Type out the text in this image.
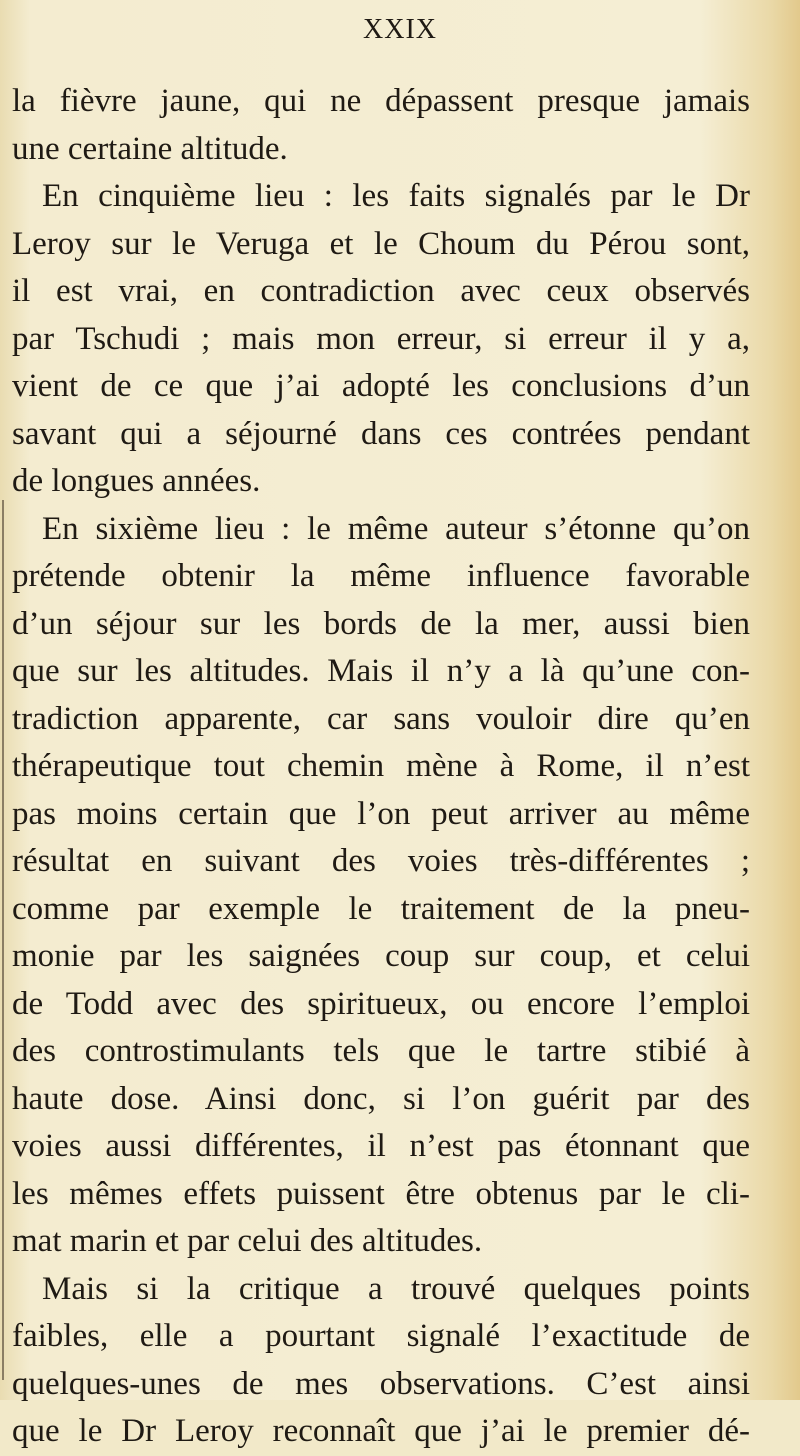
XXIX
la fièvre jaune, qui ne dépassent presque jamais
une certaine altitude.
En cinquième lieu : les faits signalés par le Dr
Leroy sur le Veruga et le Choum du Pérou sont,
il est vrai, en contradiction avec ceux observés
par Tschudi ; mais mon erreur, si erreur il y a,
vient de ce que j’ai adopté les conclusions d’un
savant qui a séjourné dans ces contrées pendant
de longues années.
En sixième lieu : le même auteur s’étonne qu’on
prétende obtenir la même influence favorable
d’un séjour sur les bords de la mer, aussi bien
que sur les altitudes. Mais il n’y a là qu’une con-
tradiction apparente, car sans vouloir dire qu’en
thérapeutique tout chemin mène à Rome, il n’est
pas moins certain que l’on peut arriver au même
résultat en suivant des voies très-différentes ;
comme par exemple le traitement de la pneu-
monie par les saignées coup sur coup, et celui
de Todd avec des spiritueux, ou encore l’emploi
des controstimulants tels que le tartre stibié à
haute dose. Ainsi donc, si l’on guérit par des
voies aussi différentes, il n’est pas étonnant que
les mêmes effets puissent être obtenus par le cli-
mat marin et par celui des altitudes.
Mais si la critique a trouvé quelques points
faibles, elle a pourtant signalé l’exactitude de
quelques-unes de mes observations. C’est ainsi
que le Dr Leroy reconnaît que j’ai le premier dé-
